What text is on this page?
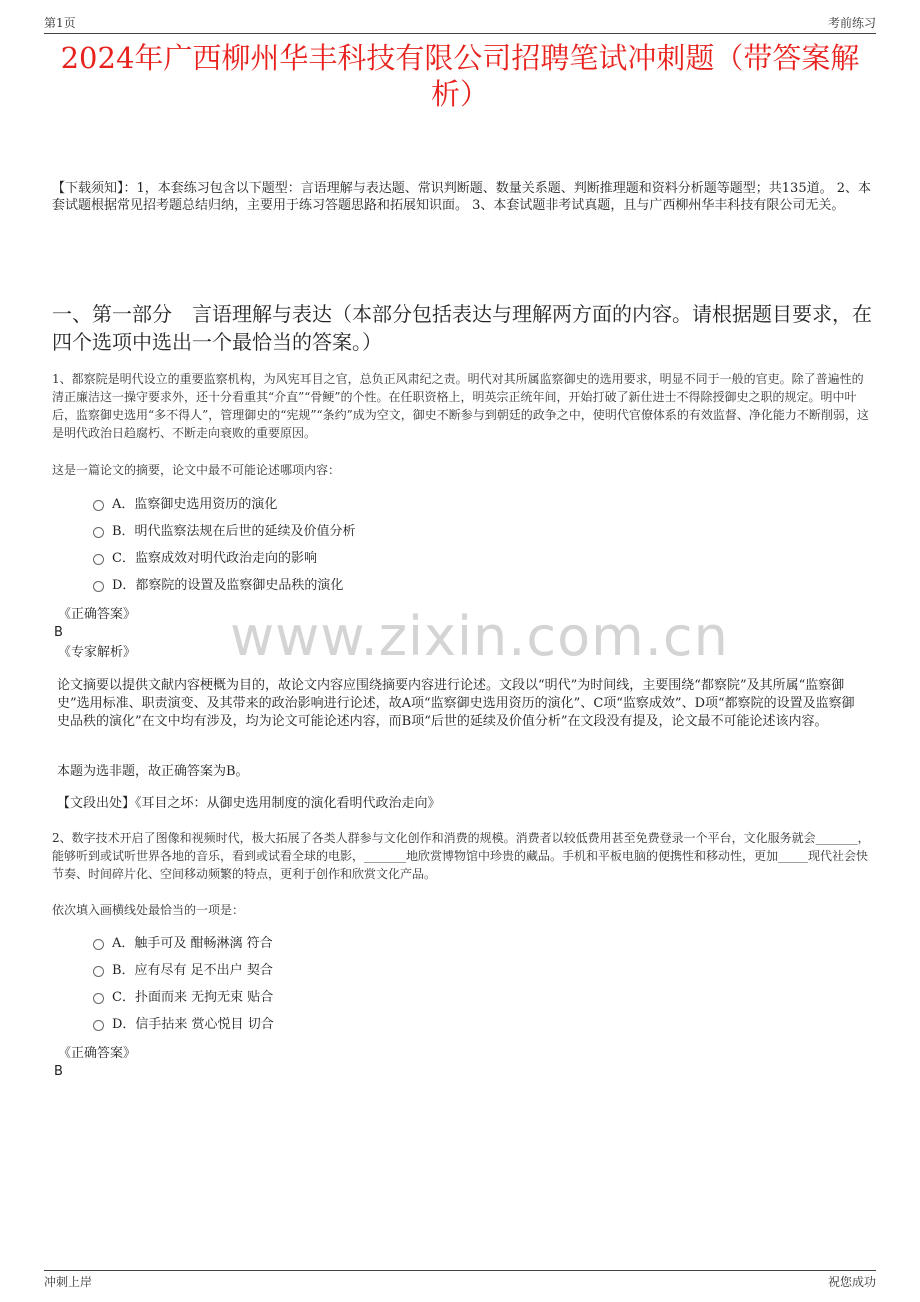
第1页	考前练习
2024年广西柳州华丰科技有限公司招聘笔试冲刺题（带答案解析）
【下载须知】：1，本套练习包含以下题型：言语理解与表达题、常识判断题、数量关系题、判断推理题和资料分析题等题型；共135道。 2、本套试题根据常见招考题总结归纳，主要用于练习答题思路和拓展知识面。 3、本套试题非考试真题，且与广西柳州华丰科技有限公司无关。
一、第一部分　言语理解与表达（本部分包括表达与理解两方面的内容。请根据题目要求，在四个选项中选出一个最恰当的答案。）
1、都察院是明代设立的重要监察机构，为风宪耳目之官，总负正风肃纪之责。明代对其所属监察御史的选用要求，明显不同于一般的官吏。除了普遍性的清正廉洁这一操守要求外，还十分看重其“介直”“骨鲠”的个性。在任职资格上，明英宗正统年间，开始打破了新仕进士不得除授御史之职的规定。明中叶后，监察御史选用“多不得人”，管理御史的“宪规”“条约”成为空文，御史不断参与到朝廷的政争之中，使明代官僚体系的有效监督、净化能力不断削弱，这是明代政治日趋腐朽、不断走向衰败的重要原因。
这是一篇论文的摘要，论文中最不可能论述哪项内容：
A．监察御史选用资历的演化
B．明代监察法规在后世的延续及价值分析
C．监察成效对明代政治走向的影响
D．都察院的设置及监察御史品秩的演化
《正确答案》
B
《专家解析》 www.zixin.com.cn
论文摘要以提供文献内容梗概为目的，故论文内容应围绕摘要内容进行论述。文段以“明代”为时间线，主要围绕“都察院”及其所属“监察御史”选用标准、职责演变、及其带来的政治影响进行论述，故A项“监察御史选用资历的演化”、C项“监察成效”、D项“都察院的设置及监察御史品秩的演化”在文中均有涉及，均为论文可能论述内容，而B项“后世的延续及价值分析”在文段没有提及，论文最不可能论述该内容。
本题为选非题，故正确答案为B。
【文段出处】《耳目之坏：从御史选用制度的演化看明代政治走向》
2、数字技术开启了图像和视频时代，极大拓展了各类人群参与文化创作和消费的规模。消费者以较低费用甚至免费登录一个平台，文化服务就会_______，能够听到或试听世界各地的音乐，看到或试看全球的电影，_______地欣赏博物馆中珍贵的藏品。手机和平板电脑的便携性和移动性，更加_____现代社会快节奏、时间碎片化、空间移动频繁的特点，更利于创作和欣赏文化产品。
依次填入画横线处最恰当的一项是：
A．触手可及 酣畅淋漓 符合
B．应有尽有 足不出户 契合
C．扑面而来 无拘无束 贴合
D．信手拈来 赏心悦目 切合
《正确答案》
B
冲刺上岸	祝您成功
